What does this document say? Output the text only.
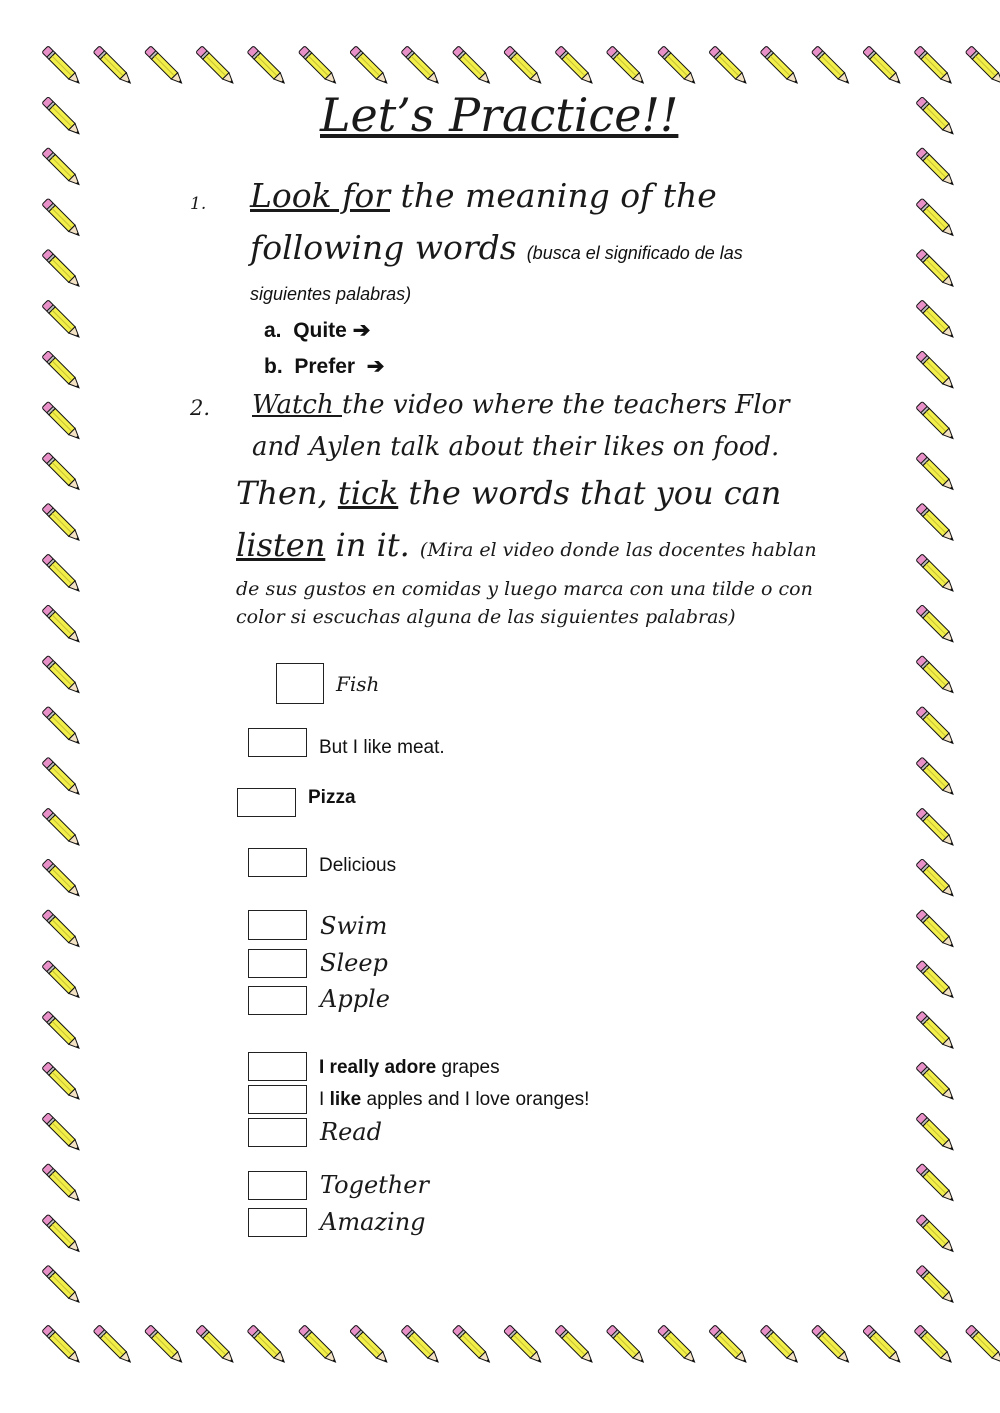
Let’s Practice!!
1. Look for the meaning of the
following words (busca el significado de las
siguientes palabras)
a. Quite ➔
b. Prefer ➔
2. Watch the video where the teachers Flor
and Aylen talk about their likes on food.
Then, tick the words that you can
listen in it. (Mira el video donde las docentes hablan
de sus gustos en comidas y luego marca con una tilde o con
color si escuchas alguna de las siguientes palabras)
Fish
But I like meat.
Pizza
Delicious
Swim
Sleep
Apple
I really adore grapes
I like apples and I love oranges!
Read
Together
Amazing
